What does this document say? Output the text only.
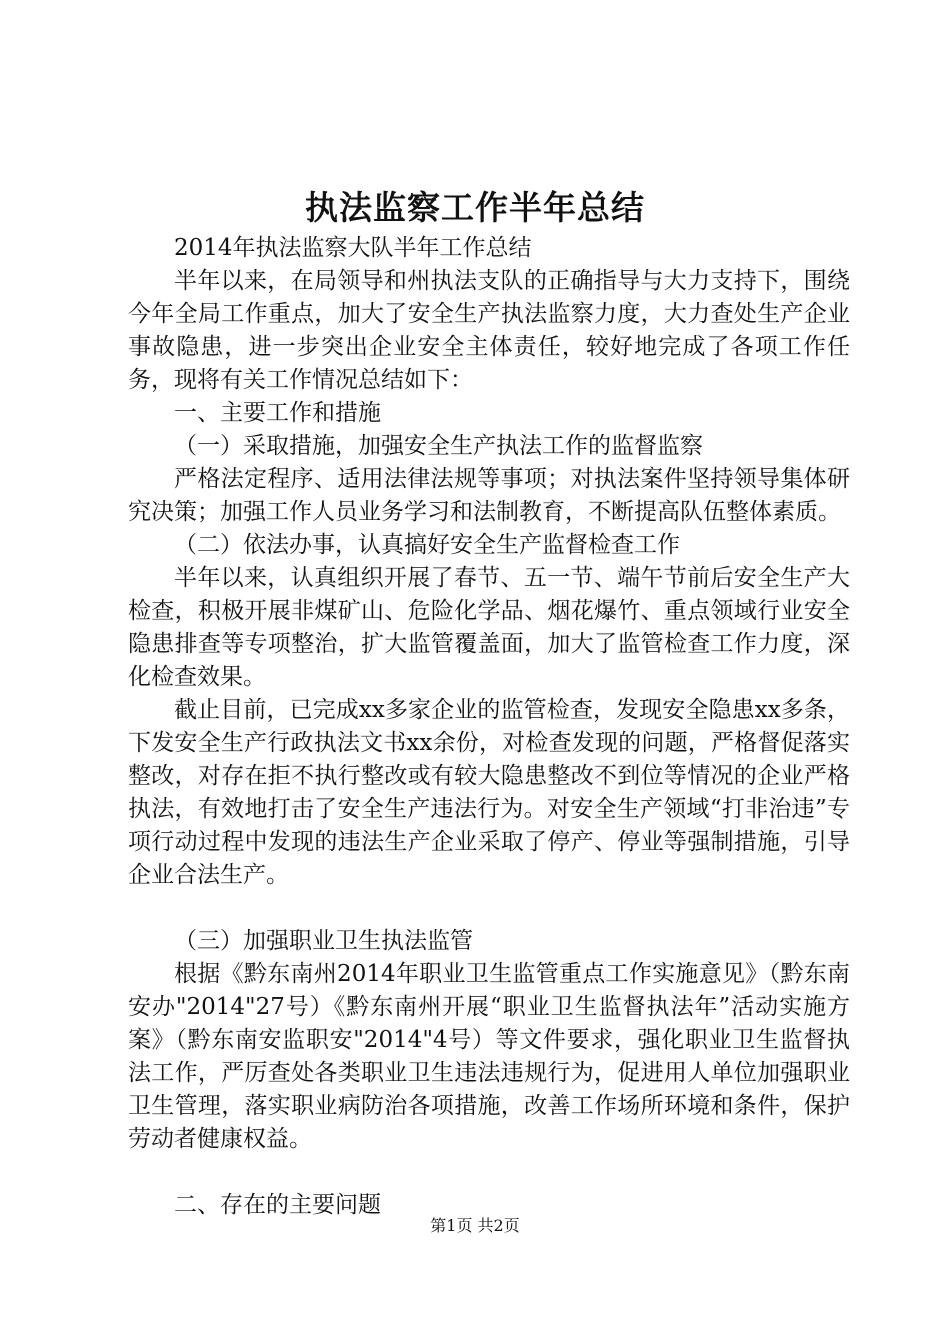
执法监察工作半年总结

2014年执法监察大队半年工作总结

半年以来，在局领导和州执法支队的正确指导与大力支持下，围绕今年全局工作重点，加大了安全生产执法监察力度，大力查处生产企业事故隐患，进一步突出企业安全主体责任，较好地完成了各项工作任务，现将有关工作情况总结如下：

一、主要工作和措施

（一）采取措施，加强安全生产执法工作的监督监察

严格法定程序、适用法律法规等事项；对执法案件坚持领导集体研究决策；加强工作人员业务学习和法制教育，不断提高队伍整体素质。

（二）依法办事，认真搞好安全生产监督检查工作

半年以来，认真组织开展了春节、五一节、端午节前后安全生产大检查，积极开展非煤矿山、危险化学品、烟花爆竹、重点领域行业安全隐患排查等专项整治，扩大监管覆盖面，加大了监管检查工作力度，深化检查效果。

截止目前，已完成xx多家企业的监管检查，发现安全隐患xx多条，下发安全生产行政执法文书xx余份，对检查发现的问题，严格督促落实整改，对存在拒不执行整改或有较大隐患整改不到位等情况的企业严格执法，有效地打击了安全生产违法行为。对安全生产领域“打非治违”专项行动过程中发现的违法生产企业采取了停产、停业等强制措施，引导企业合法生产。

（三）加强职业卫生执法监管

根据《黔东南州2014年职业卫生监管重点工作实施意见》（黔东南安办"2014"27号）《黔东南州开展“职业卫生监督执法年”活动实施方案》（黔东南安监职安"2014"4号）等文件要求，强化职业卫生监督执法工作，严厉查处各类职业卫生违法违规行为，促进用人单位加强职业卫生管理，落实职业病防治各项措施，改善工作场所环境和条件，保护劳动者健康权益。

二、存在的主要问题

第1页 共2页
